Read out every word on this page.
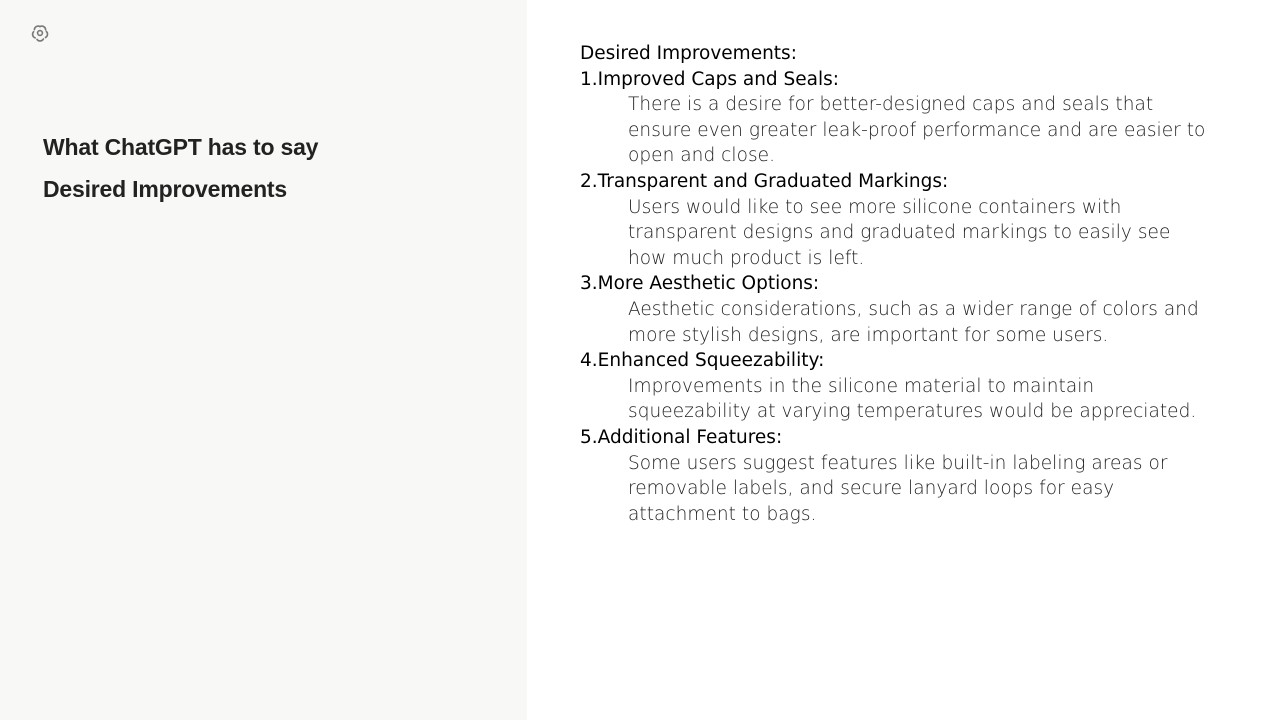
What ChatGPT has to say
Desired Improvements
Desired Improvements:
1.Improved Caps and Seals:
There is a desire for better-designed caps and seals that ensure even greater leak-proof performance and are easier to open and close.
2.Transparent and Graduated Markings:
Users would like to see more silicone containers with transparent designs and graduated markings to easily see how much product is left.
3.More Aesthetic Options:
Aesthetic considerations, such as a wider range of colors and more stylish designs, are important for some users.
4.Enhanced Squeezability:
Improvements in the silicone material to maintain squeezability at varying temperatures would be appreciated.
5.Additional Features:
Some users suggest features like built-in labeling areas or removable labels, and secure lanyard loops for easy attachment to bags.
